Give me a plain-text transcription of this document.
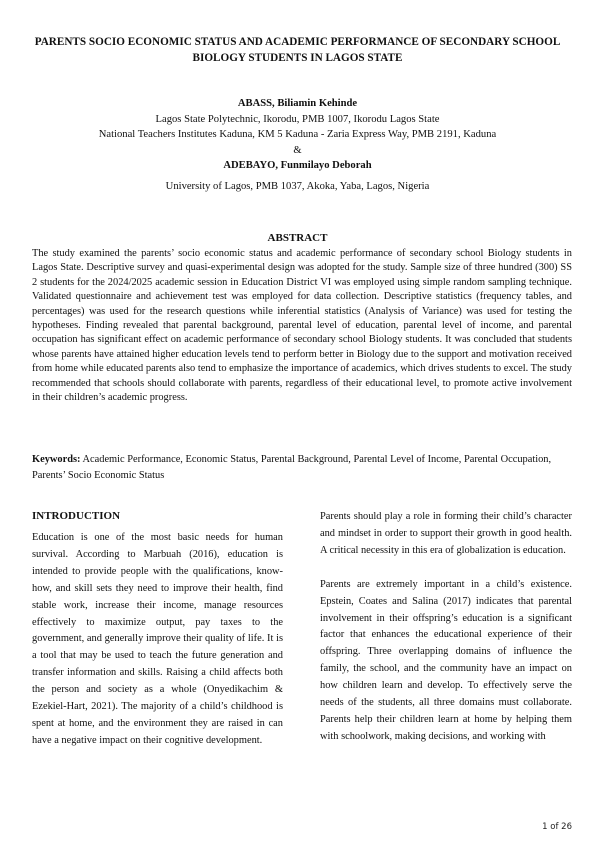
PARENTS SOCIO ECONOMIC STATUS AND ACADEMIC PERFORMANCE OF SECONDARY SCHOOL BIOLOGY STUDENTS IN LAGOS STATE
ABASS, Biliamin Kehinde
Lagos State Polytechnic, Ikorodu, PMB 1007, Ikorodu Lagos State
National Teachers Institutes Kaduna, KM 5 Kaduna - Zaria Express Way, PMB 2191, Kaduna
&
ADEBAYO, Funmilayo Deborah
University of Lagos, PMB 1037, Akoka, Yaba, Lagos, Nigeria
ABSTRACT
The study examined the parents’ socio economic status and academic performance of secondary school Biology students in Lagos State. Descriptive survey and quasi-experimental design was adopted for the study. Sample size of three hundred (300) SS 2 students for the 2024/2025 academic session in Education District VI was employed using simple random sampling technique. Validated questionnaire and achievement test was employed for data collection. Descriptive statistics (frequency tables, and percentages) was used for the research questions while inferential statistics (Analysis of Variance) was used for testing the hypotheses. Finding revealed that parental background, parental level of education, parental level of income, and parental occupation has significant effect on academic performance of secondary school Biology students. It was concluded that students whose parents have attained higher education levels tend to perform better in Biology due to the support and motivation received from home while educated parents also tend to emphasize the importance of academics, which drives students to excel. The study recommended that schools should collaborate with parents, regardless of their educational level, to promote active involvement in their children’s academic progress.
Keywords: Academic Performance, Economic Status, Parental Background, Parental Level of Income, Parental Occupation, Parents’ Socio Economic Status
INTRODUCTION

Education is one of the most basic needs for human survival. According to Marbuah (2016), education is intended to provide people with the qualifications, know-how, and skill sets they need to improve their health, find stable work, increase their income, manage resources effectively to maximize output, pay taxes to the government, and generally improve their quality of life. It is a tool that may be used to teach the future generation and transfer information and skills. Raising a child affects both the person and society as a whole (Onyedikachim & Ezekiel-Hart, 2021). The majority of a child’s childhood is spent at home, and the environment they are raised in can have a negative impact on their cognitive development.

Parents should play a role in forming their child’s character and mindset in order to support their growth in good health. A critical necessity in this era of globalization is education.

Parents are extremely important in a child’s existence. Epstein, Coates and Salina (2017) indicates that parental involvement in their offspring’s education is a significant factor that enhances the educational experience of their offspring. Three overlapping domains of influence the family, the school, and the community have an impact on how children learn and develop. To effectively serve the needs of the students, all three domains must collaborate. Parents help their children learn at home by helping them with schoolwork, making decisions, and working with

1 of 26
